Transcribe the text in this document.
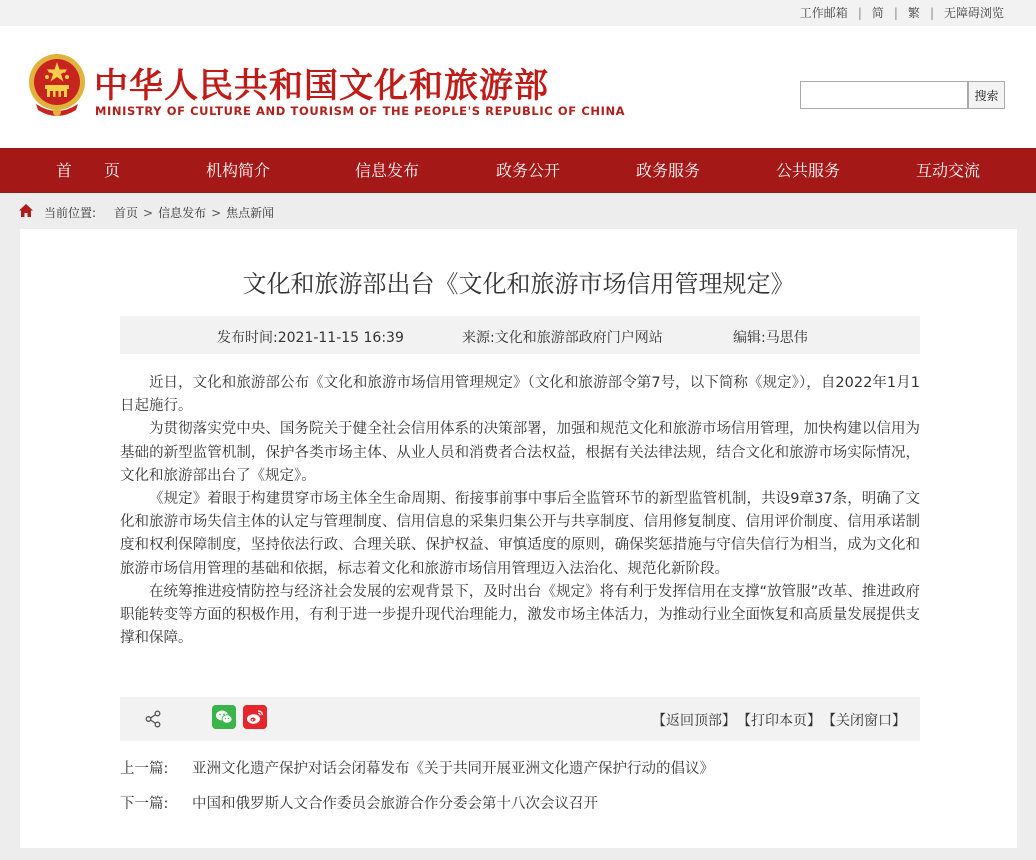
工作邮箱 | 简 | 繁 | 无障碍浏览
中华人民共和国文化和旅游部
MINISTRY OF CULTURE AND TOURISM OF THE PEOPLE'S REPUBLIC OF CHINA
搜索
首　　页	机构简介	信息发布	政务公开	政务服务	公共服务	互动交流
当前位置: 首页 > 信息发布 > 焦点新闻
文化和旅游部出台《文化和旅游市场信用管理规定》
发布时间:2021-11-15 16:39	来源:文化和旅游部政府门户网站	编辑:马思伟

近日，文化和旅游部公布《文化和旅游市场信用管理规定》（文化和旅游部令第7号，以下简称《规定》），自2022年1月1日起施行。

为贯彻落实党中央、国务院关于健全社会信用体系的决策部署，加强和规范文化和旅游市场信用管理，加快构建以信用为基础的新型监管机制，保护各类市场主体、从业人员和消费者合法权益，根据有关法律法规，结合文化和旅游市场实际情况，文化和旅游部出台了《规定》。

《规定》着眼于构建贯穿市场主体全生命周期、衔接事前事中事后全监管环节的新型监管机制，共设9章37条，明确了文化和旅游市场失信主体的认定与管理制度、信用信息的采集归集公开与共享制度、信用修复制度、信用评价制度、信用承诺制度和权利保障制度，坚持依法行政、合理关联、保护权益、审慎适度的原则，确保奖惩措施与守信失信行为相当，成为文化和旅游市场信用管理的基础和依据，标志着文化和旅游市场信用管理迈入法治化、规范化新阶段。

在统筹推进疫情防控与经济社会发展的宏观背景下，及时出台《规定》将有利于发挥信用在支撑“放管服”改革、推进政府职能转变等方面的积极作用，有利于进一步提升现代治理能力，激发市场主体活力，为推动行业全面恢复和高质量发展提供支撑和保障。

【返回顶部】 【打印本页】 【关闭窗口】
上一篇: 亚洲文化遗产保护对话会闭幕发布《关于共同开展亚洲文化遗产保护行动的倡议》
下一篇: 中国和俄罗斯人文合作委员会旅游合作分委会第十八次会议召开
